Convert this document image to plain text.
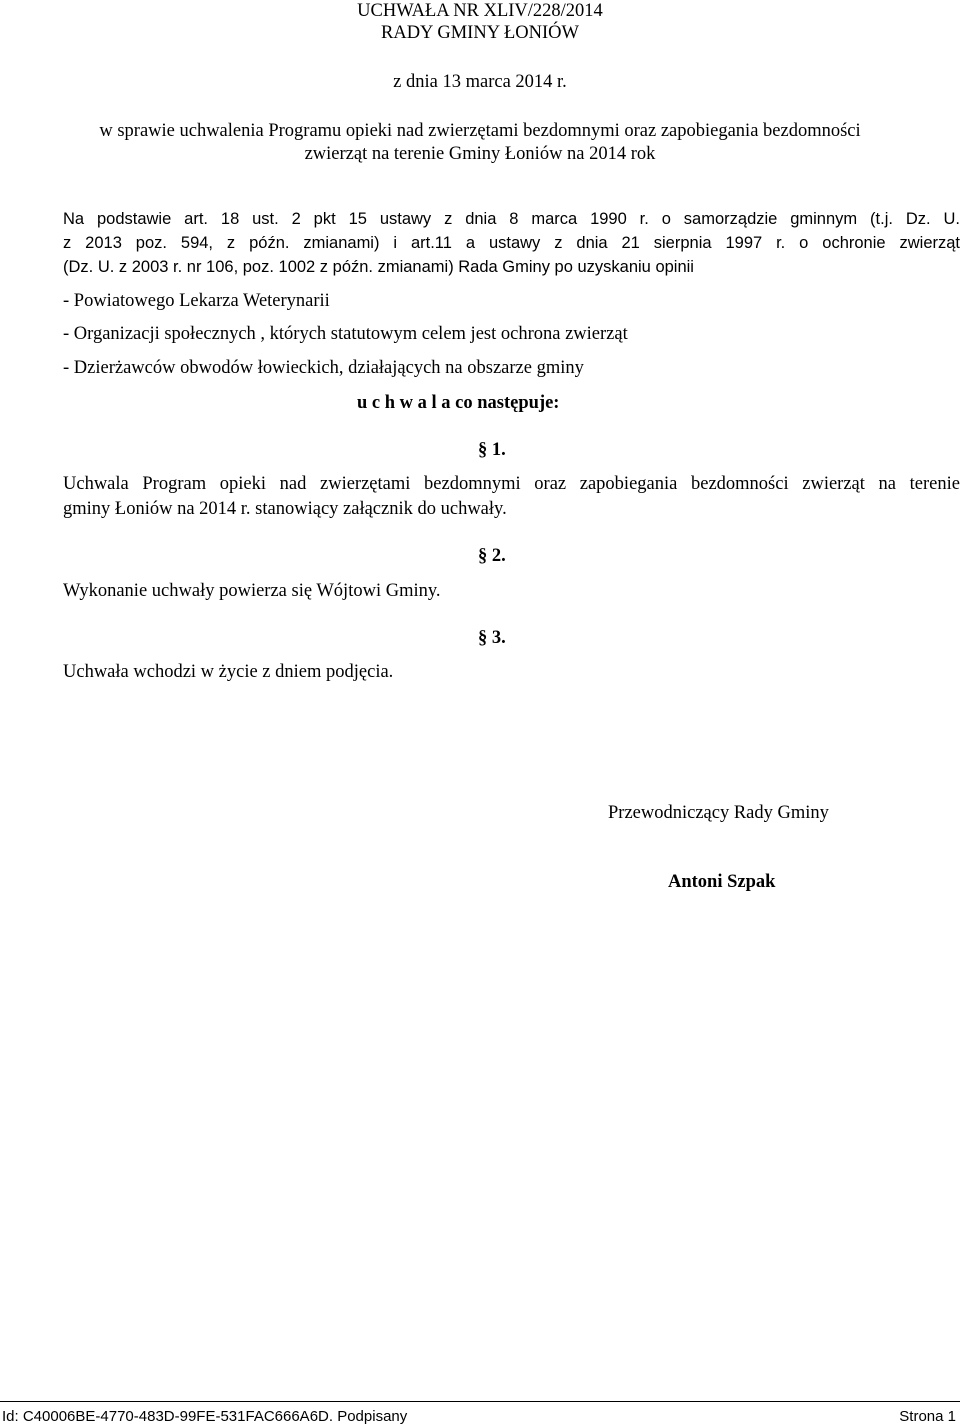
UCHWAŁA NR XLIV/228/2014
RADY GMINY ŁONIÓW
z dnia 13 marca 2014 r.
w sprawie uchwalenia Programu opieki nad zwierzętami bezdomnymi oraz zapobiegania bezdomności
zwierząt na terenie Gminy Łoniów na 2014 rok
Na podstawie art. 18 ust. 2 pkt 15 ustawy z dnia 8 marca 1990 r. o samorządzie gminnym (t.j. Dz. U.
z 2013 poz. 594, z późn. zmianami) i art.11 a ustawy z dnia 21 sierpnia 1997 r. o ochronie zwierząt
(Dz. U. z 2003 r. nr 106, poz. 1002 z późn. zmianami) Rada Gminy po uzyskaniu opinii
- Powiatowego Lekarza Weterynarii
- Organizacji społecznych , których statutowym celem jest ochrona zwierząt
- Dzierżawców obwodów łowieckich, działających na obszarze gminy
u c h w a l a co następuje:
§ 1.
Uchwala Program opieki nad zwierzętami bezdomnymi oraz zapobiegania bezdomności zwierząt na terenie
gminy Łoniów na 2014 r. stanowiący załącznik do uchwały.
§ 2.
Wykonanie uchwały powierza się Wójtowi Gminy.
§ 3.
Uchwała wchodzi w życie z dniem podjęcia.
Przewodniczący Rady Gminy
Antoni Szpak
Id: C40006BE-4770-483D-99FE-531FAC666A6D. Podpisany	Strona 1
